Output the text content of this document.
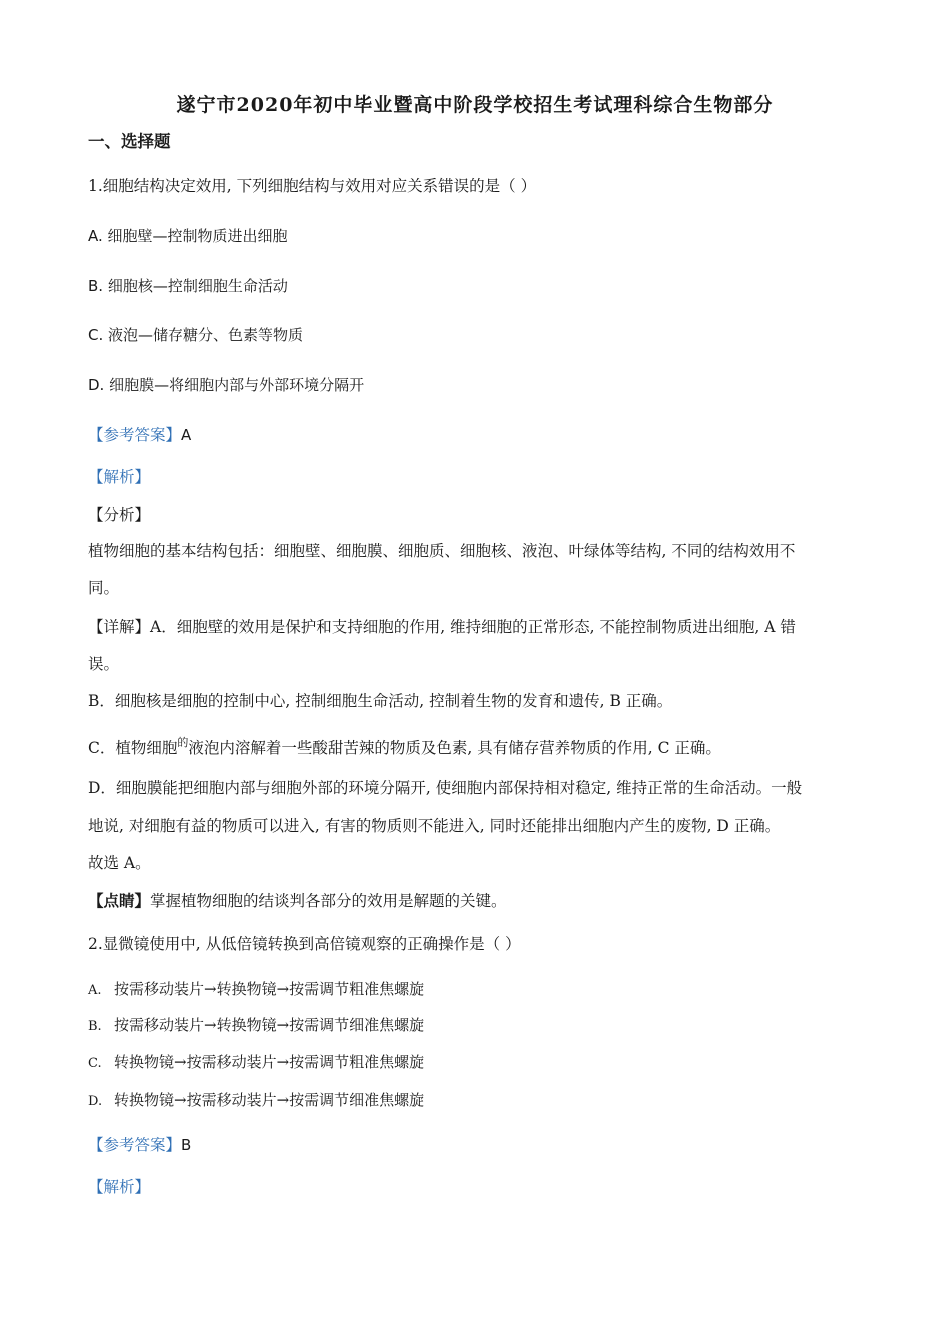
遂宁市2020年初中毕业暨高中阶段学校招生考试理科综合生物部分
一、选择题
1.细胞结构决定效用, 下列细胞结构与效用对应关系错误的是（ ）
A. 细胞壁—控制物质进出细胞
B. 细胞核—控制细胞生命活动
C. 液泡—储存糖分、色素等物质
D. 细胞膜—将细胞内部与外部环境分隔开
【参考答案】A
【解析】
【分析】
植物细胞的基本结构包括：细胞壁、细胞膜、细胞质、细胞核、液泡、叶绿体等结构, 不同的结构效用不
同。
【详解】A．细胞壁的效用是保护和支持细胞的作用, 维持细胞的正常形态, 不能控制物质进出细胞, A 错
误。
B．细胞核是细胞的控制中心, 控制细胞生命活动, 控制着生物的发育和遗传, B 正确。
C．植物细胞$^的$液泡内溶解着一些酸甜苦辣的物质及色素, 具有储存营养物质的作用, C 正确。
D．细胞膜能把细胞内部与细胞外部的环境分隔开, 使细胞内部保持相对稳定, 维持正常的生命活动。一般
地说, 对细胞有益的物质可以进入, 有害的物质则不能进入, 同时还能排出细胞内产生的废物, D 正确。
故选 A。
【点睛】掌握植物细胞的结谈判各部分的效用是解题的关键。
2.显微镜使用中, 从低倍镜转换到高倍镜观察的正确操作是（ ）
A. 按需移动装片→转换物镜→按需调节粗准焦螺旋
B. 按需移动装片→转换物镜→按需调节细准焦螺旋
C. 转换物镜→按需移动装片→按需调节粗准焦螺旋
D. 转换物镜→按需移动装片→按需调节细准焦螺旋
【参考答案】B
【解析】
